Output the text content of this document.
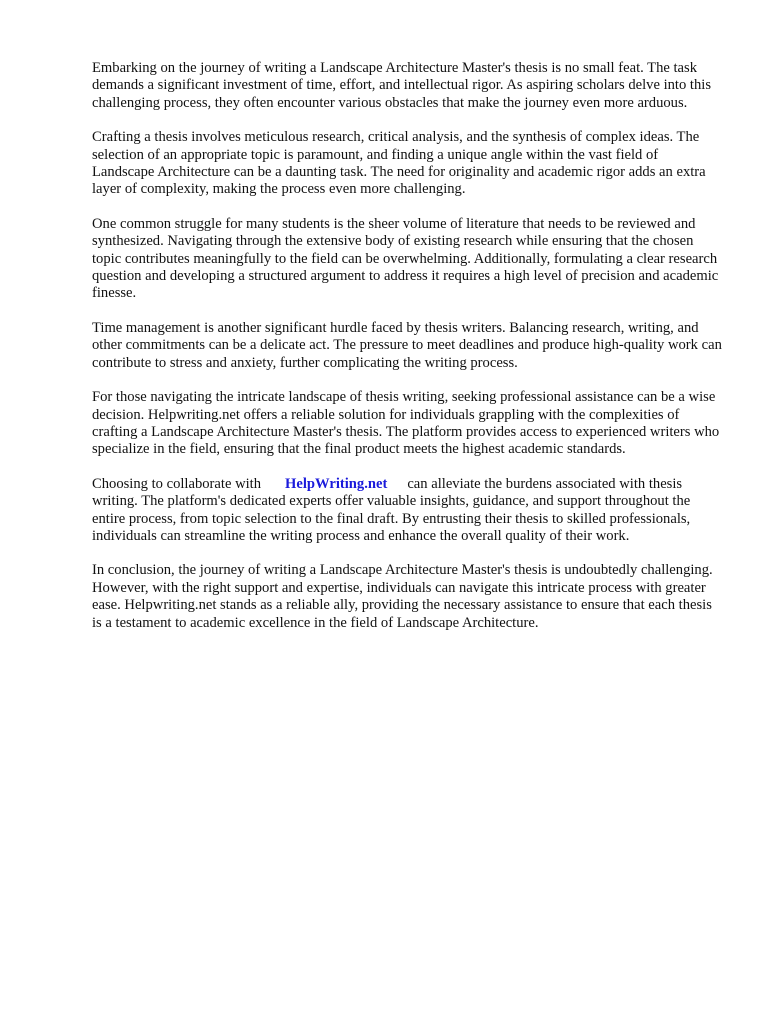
Embarking on the journey of writing a Landscape Architecture Master's thesis is no small feat. The task demands a significant investment of time, effort, and intellectual rigor. As aspiring scholars delve into this challenging process, they often encounter various obstacles that make the journey even more arduous.

Crafting a thesis involves meticulous research, critical analysis, and the synthesis of complex ideas. The selection of an appropriate topic is paramount, and finding a unique angle within the vast field of Landscape Architecture can be a daunting task. The need for originality and academic rigor adds an extra layer of complexity, making the process even more challenging.

One common struggle for many students is the sheer volume of literature that needs to be reviewed and synthesized. Navigating through the extensive body of existing research while ensuring that the chosen topic contributes meaningfully to the field can be overwhelming. Additionally, formulating a clear research question and developing a structured argument to address it requires a high level of precision and academic finesse.

Time management is another significant hurdle faced by thesis writers. Balancing research, writing, and other commitments can be a delicate act. The pressure to meet deadlines and produce high-quality work can contribute to stress and anxiety, further complicating the writing process.

For those navigating the intricate landscape of thesis writing, seeking professional assistance can be a wise decision. Helpwriting.net offers a reliable solution for individuals grappling with the complexities of crafting a Landscape Architecture Master's thesis. The platform provides access to experienced writers who specialize in the field, ensuring that the final product meets the highest academic standards.

Choosing to collaborate with HelpWriting.net can alleviate the burdens associated with thesis writing. The platform's dedicated experts offer valuable insights, guidance, and support throughout the entire process, from topic selection to the final draft. By entrusting their thesis to skilled professionals, individuals can streamline the writing process and enhance the overall quality of their work.

In conclusion, the journey of writing a Landscape Architecture Master's thesis is undoubtedly challenging. However, with the right support and expertise, individuals can navigate this intricate process with greater ease. Helpwriting.net stands as a reliable ally, providing the necessary assistance to ensure that each thesis is a testament to academic excellence in the field of Landscape Architecture.
